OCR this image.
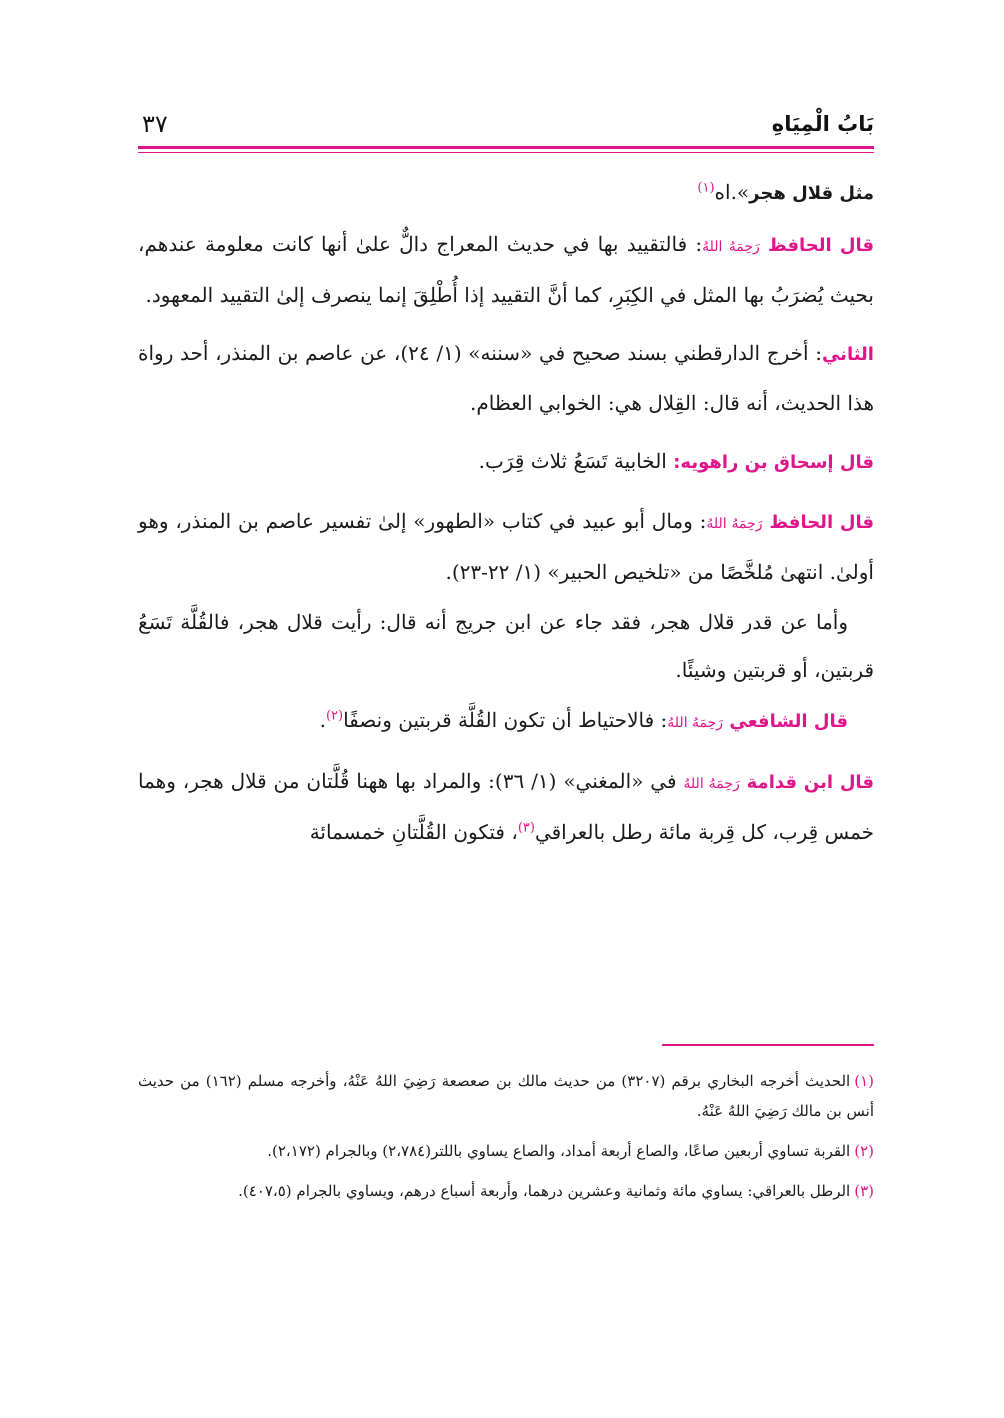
بَابُ الْمِيَاهِ
٣٧

مثل قلال هجر».اه$^{(١)}$

قال الحافظ رَحِمَهُ اللهُ: فالتقييد بها في حديث المعراج دالٌّ علىٰ أنها كانت معلومة عندهم، بحيث يُضرَبُ بها المثل في الكِبَرِ، كما أنَّ التقييد إذا أُطْلِقَ إنما ينصرف إلىٰ التقييد المعهود.

الثاني: أخرج الدارقطني بسند صحيح في «سننه» (١/ ٢٤)، عن عاصم بن المنذر، أحد رواة هذا الحديث، أنه قال: القِلال هي: الخوابي العظام.

قال إسحاق بن راهويه: الخابية تَسَعُ ثلاث قِرَب.

قال الحافظ رَحِمَهُ اللهُ: ومال أبو عبيد في كتاب «الطهور» إلىٰ تفسير عاصم بن المنذر، وهو أولىٰ. انتهىٰ مُلخَّصًا من «تلخيص الحبير» (١/ ٢٢-٢٣).

وأما عن قدر قلال هجر، فقد جاء عن ابن جريج أنه قال: رأيت قلال هجر، فالقُلَّة تَسَعُ قربتين، أو قربتين وشيئًا.

قال الشافعي رَحِمَهُ اللهُ: فالاحتياط أن تكون القُلَّة قربتين ونصفًا$^{(٢)}$.

قال ابن قدامة رَحِمَهُ اللهُ في «المغني» (١/ ٣٦): والمراد بها ههنا قُلَّتان من قلال هجر، وهما خمس قِرب، كل قِربة مائة رطل بالعراقي$^{(٣)}$، فتكون القُلَّتانِ خمسمائة

(١)الحديث أخرجه البخاري برقم (٣٢٠٧) من حديث مالك بن صعصعة رَضِيَ اللهُ عَنْهُ، وأخرجه مسلم (١٦٢) من حديث أنس بن مالك رَضِيَ اللهُ عَنْهُ.

(٢)القربة تساوي أربعين صاعًا، والصاع أربعة أمداد، والصاع يساوي باللتر(٢،٧٨٤) وبالجرام (٢،١٧٢).

(٣)الرطل بالعراقي: يساوي مائة وثمانية وعشرين درهما، وأربعة أسباع درهم، ويساوي بالجرام (٤٠٧،٥).
